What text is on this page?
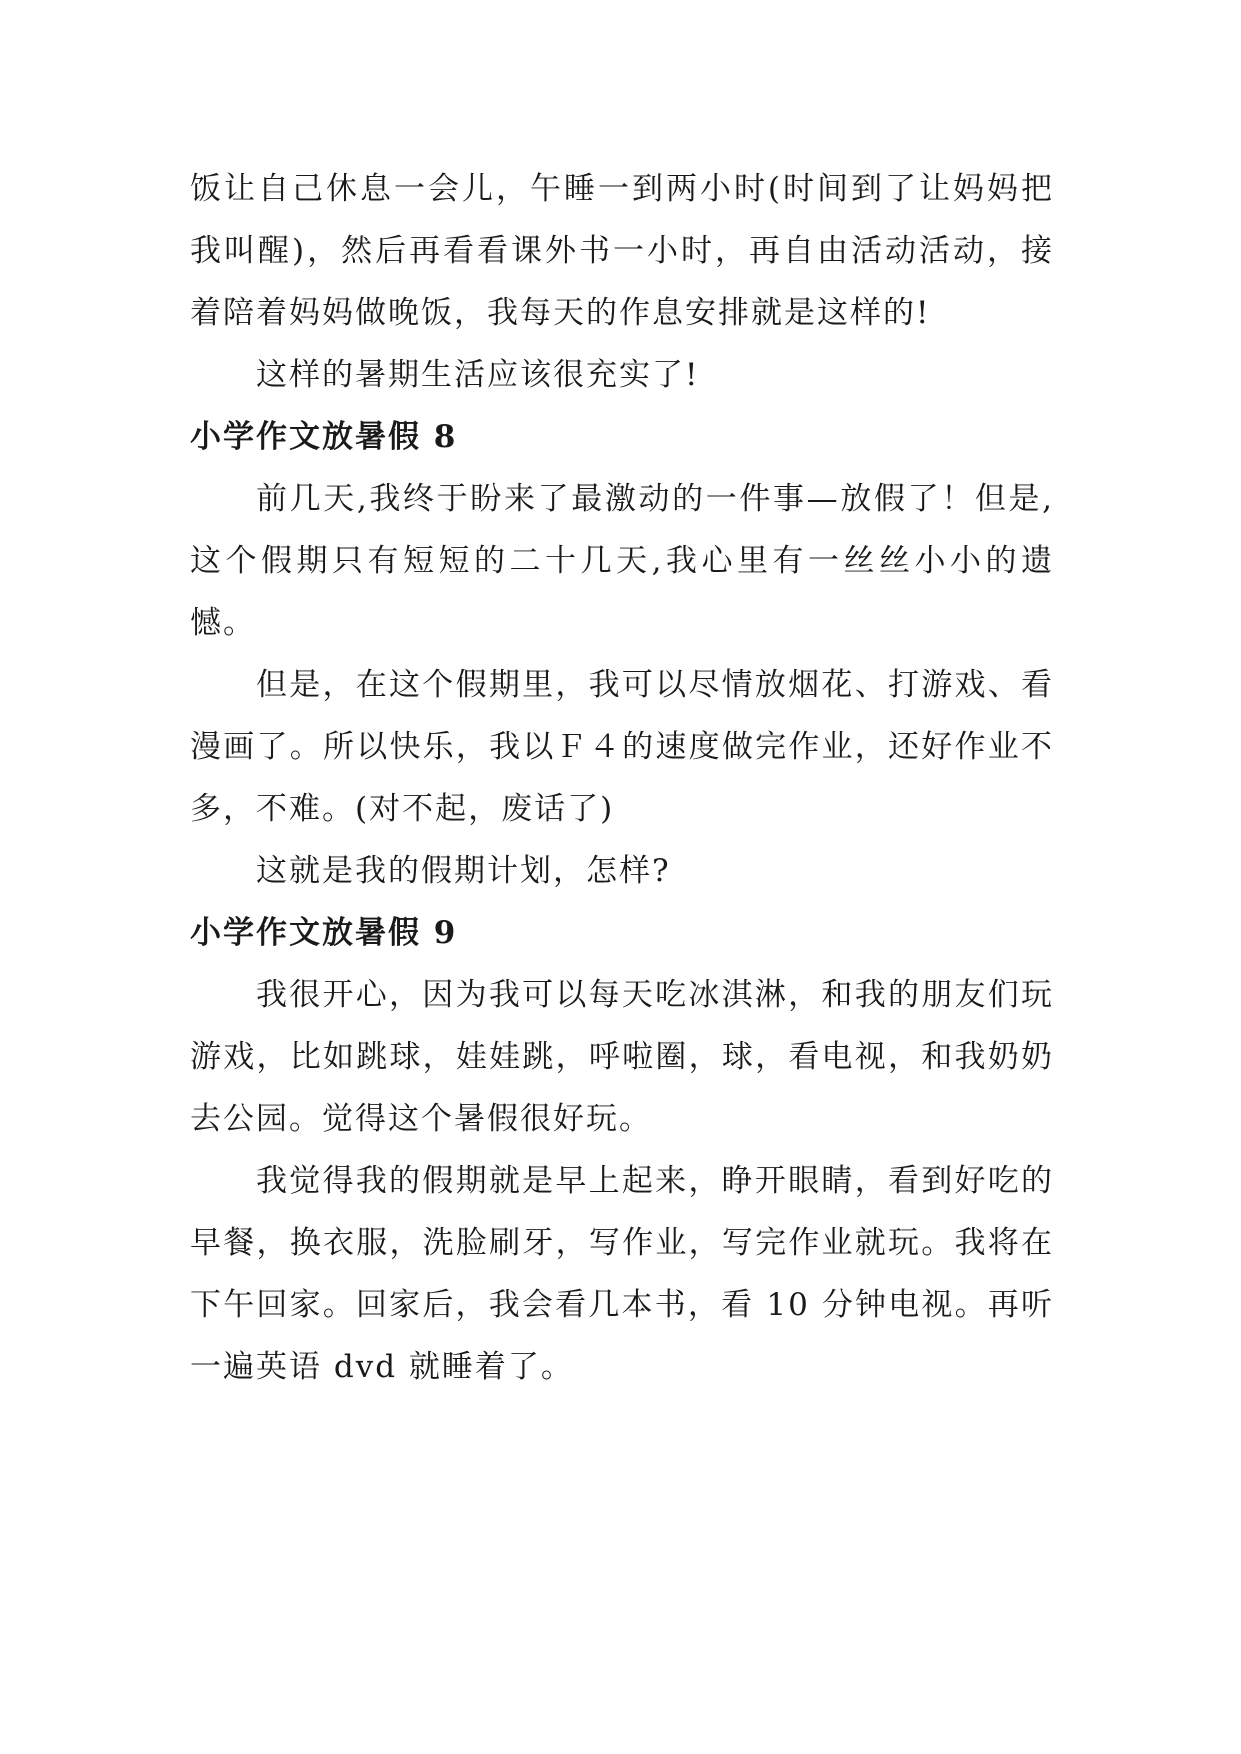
饭让自己休息一会儿，午睡一到两小时(时间到了让妈妈把我叫醒)，然后再看看课外书一小时，再自由活动活动，接着陪着妈妈做晚饭，我每天的作息安排就是这样的!

这样的暑期生活应该很充实了!

小学作文放暑假 8

前几天,我终于盼来了最激动的一件事—放假了！但是,这个假期只有短短的二十几天,我心里有一丝丝小小的遗憾。

但是，在这个假期里，我可以尽情放烟花、打游戏、看漫画了。所以快乐，我以Ｆ４的速度做完作业，还好作业不多，不难。(对不起，废话了)

这就是我的假期计划，怎样?

小学作文放暑假 9

我很开心，因为我可以每天吃冰淇淋，和我的朋友们玩游戏，比如跳球，娃娃跳，呼啦圈，球，看电视，和我奶奶去公园。觉得这个暑假很好玩。

我觉得我的假期就是早上起来，睁开眼睛，看到好吃的早餐，换衣服，洗脸刷牙，写作业，写完作业就玩。我将在下午回家。回家后，我会看几本书，看 10 分钟电视。再听一遍英语 dvd 就睡着了。
